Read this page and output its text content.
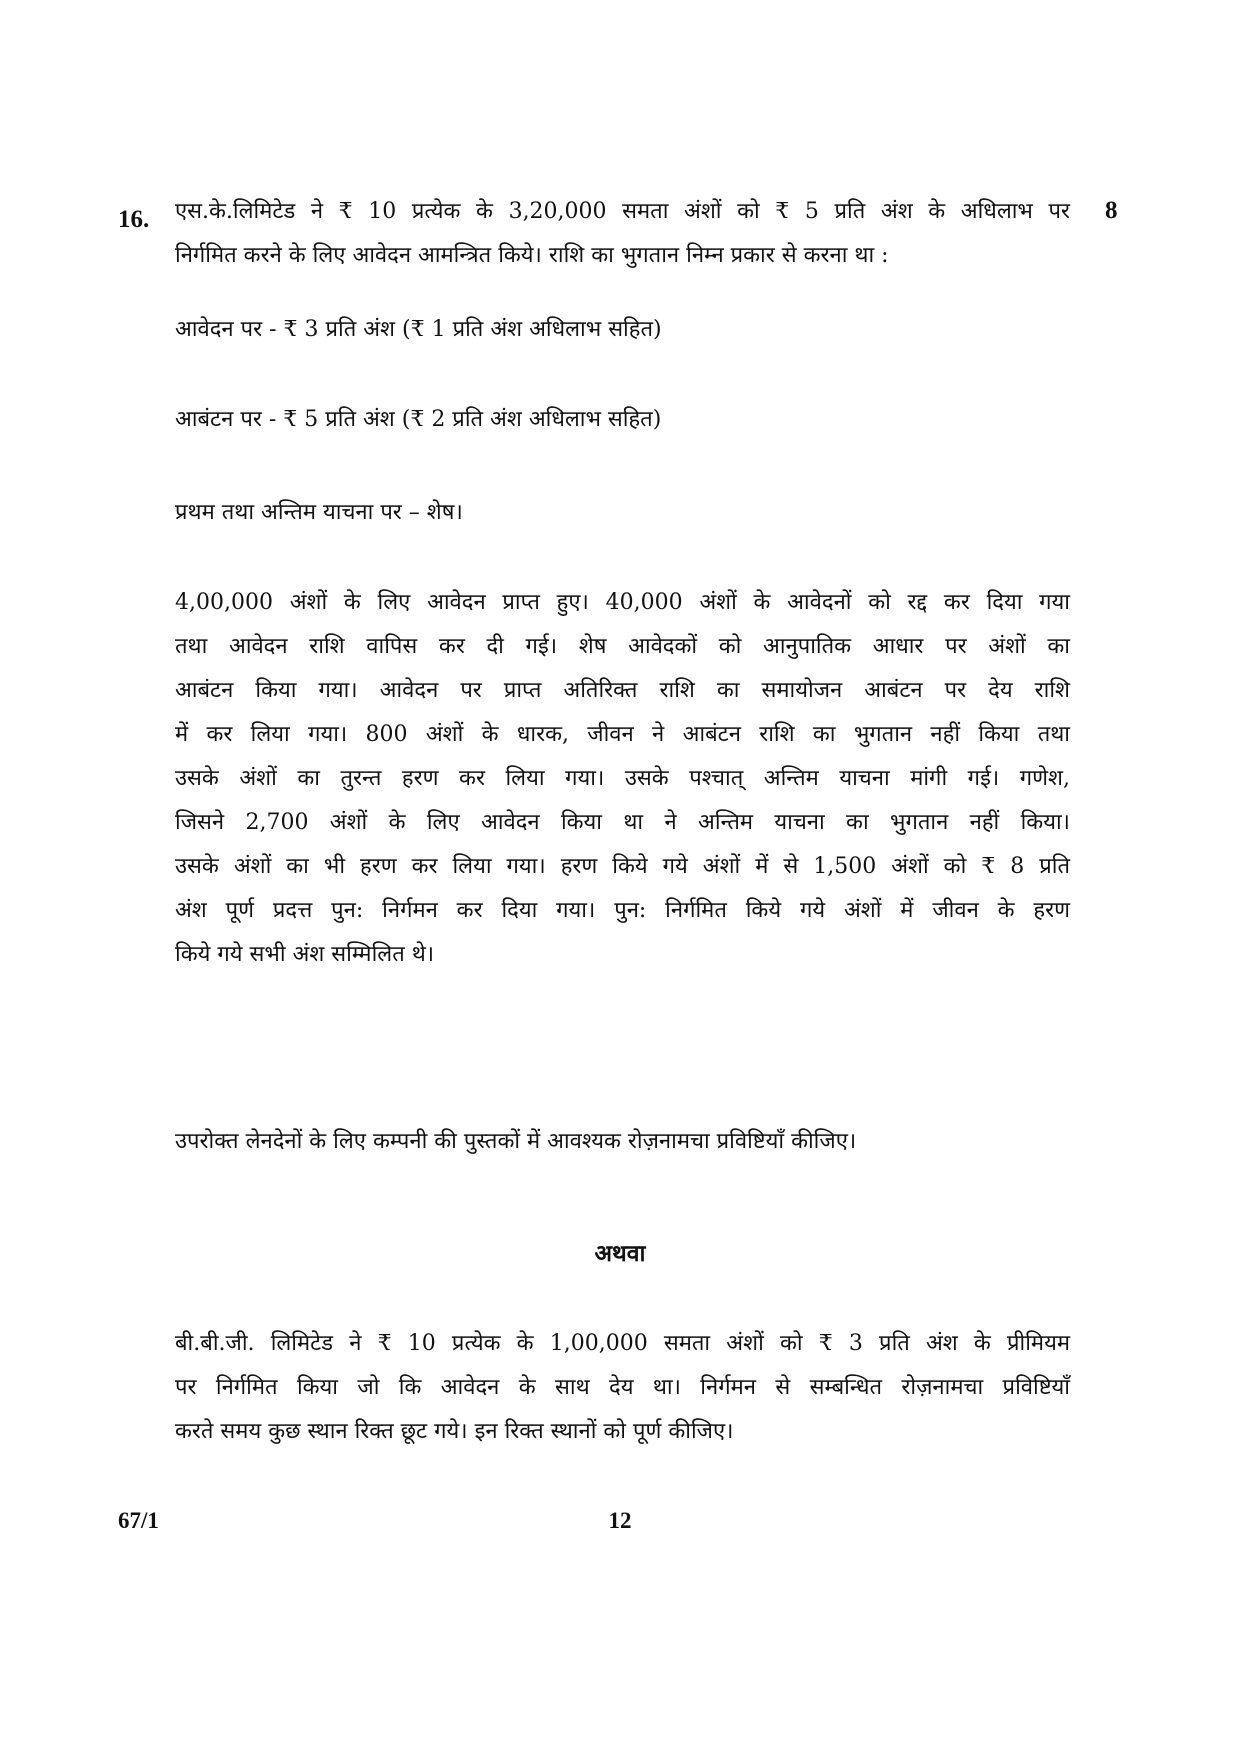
16.	8
एस.के.लिमिटेड ने ₹ 10 प्रत्येक के 3,20,000 समता अंशों को ₹ 5 प्रति अंश के अधिलाभ पर
निर्गमित करने के लिए आवेदन आमन्त्रित किये। राशि का भुगतान निम्न प्रकार से करना था :
आवेदन पर - ₹ 3 प्रति अंश (₹ 1 प्रति अंश अधिलाभ सहित)
आबंटन पर - ₹ 5 प्रति अंश (₹ 2 प्रति अंश अधिलाभ सहित)
प्रथम तथा अन्तिम याचना पर – शेष।
4,00,000 अंशों के लिए आवेदन प्राप्त हुए। 40,000 अंशों के आवेदनों को रद्द कर दिया गया
तथा आवेदन राशि वापिस कर दी गई। शेष आवेदकों को आनुपातिक आधार पर अंशों का
आबंटन किया गया। आवेदन पर प्राप्त अतिरिक्त राशि का समायोजन आबंटन पर देय राशि
में कर लिया गया। 800 अंशों के धारक, जीवन ने आबंटन राशि का भुगतान नहीं किया तथा
उसके अंशों का तुरन्त हरण कर लिया गया। उसके पश्चात् अन्तिम याचना मांगी गई। गणेश,
जिसने 2,700 अंशों के लिए आवेदन किया था ने अन्तिम याचना का भुगतान नहीं किया।
उसके अंशों का भी हरण कर लिया गया। हरण किये गये अंशों में से 1,500 अंशों को ₹ 8 प्रति
अंश पूर्ण प्रदत्त पुन: निर्गमन कर दिया गया। पुन: निर्गमित किये गये अंशों में जीवन के हरण
किये गये सभी अंश सम्मिलित थे।
उपरोक्त लेनदेनों के लिए कम्पनी की पुस्तकों में आवश्यक रोज़नामचा प्रविष्टियाँ कीजिए।
अथवा
बी.बी.जी. लिमिटेड ने ₹ 10 प्रत्येक के 1,00,000 समता अंशों को ₹ 3 प्रति अंश के प्रीमियम
पर निर्गमित किया जो कि आवेदन के साथ देय था। निर्गमन से सम्बन्धित रोज़नामचा प्रविष्टियाँ
करते समय कुछ स्थान रिक्त छूट गये। इन रिक्त स्थानों को पूर्ण कीजिए।
67/1	12
